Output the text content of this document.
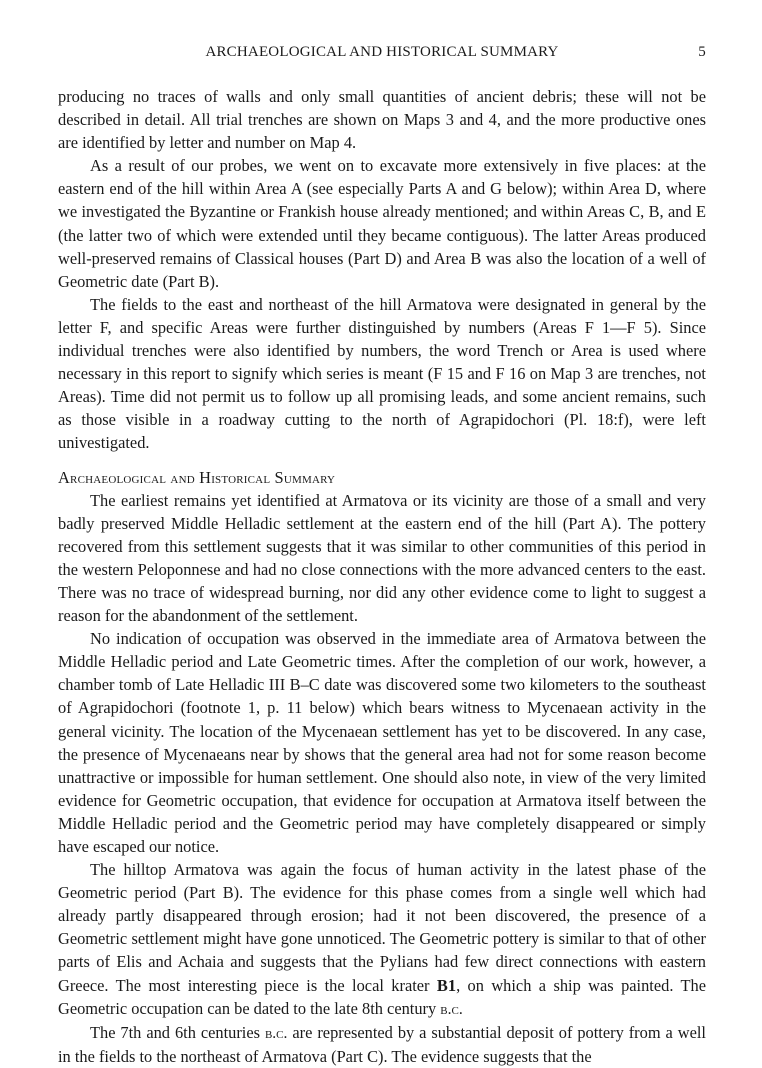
ARCHAEOLOGICAL AND HISTORICAL SUMMARY	5

producing no traces of walls and only small quantities of ancient debris; these will not be described in detail. All trial trenches are shown on Maps 3 and 4, and the more productive ones are identified by letter and number on Map 4.

As a result of our probes, we went on to excavate more extensively in five places: at the eastern end of the hill within Area A (see especially Parts A and G below); within Area D, where we investigated the Byzantine or Frankish house already mentioned; and within Areas C, B, and E (the latter two of which were extended until they became contiguous). The latter Areas produced well-preserved remains of Classical houses (Part D) and Area B was also the location of a well of Geometric date (Part B).

The fields to the east and northeast of the hill Armatova were designated in general by the letter F, and specific Areas were further distinguished by numbers (Areas F 1—F 5). Since individual trenches were also identified by numbers, the word Trench or Area is used where necessary in this report to signify which series is meant (F 15 and F 16 on Map 3 are trenches, not Areas). Time did not permit us to follow up all promising leads, and some ancient remains, such as those visible in a roadway cutting to the north of Agrapidochori (Pl. 18:f), were left univestigated.

Archaeological and Historical Summary

The earliest remains yet identified at Armatova or its vicinity are those of a small and very badly preserved Middle Helladic settlement at the eastern end of the hill (Part A). The pottery recovered from this settlement suggests that it was similar to other communities of this period in the western Peloponnese and had no close connections with the more advanced centers to the east. There was no trace of widespread burning, nor did any other evidence come to light to suggest a reason for the abandonment of the settlement.

No indication of occupation was observed in the immediate area of Armatova between the Middle Helladic period and Late Geometric times. After the completion of our work, however, a chamber tomb of Late Helladic III B–C date was discovered some two kilometers to the southeast of Agrapidochori (footnote 1, p. 11 below) which bears witness to Mycenaean activity in the general vicinity. The location of the Mycenaean settlement has yet to be discovered. In any case, the presence of Mycenaeans near by shows that the general area had not for some reason become unattractive or impossible for human settlement. One should also note, in view of the very limited evidence for Geometric occupation, that evidence for occupation at Armatova itself between the Middle Helladic period and the Geometric period may have completely disappeared or simply have escaped our notice.

The hilltop Armatova was again the focus of human activity in the latest phase of the Geometric period (Part B). The evidence for this phase comes from a single well which had already partly disappeared through erosion; had it not been discovered, the presence of a Geometric settlement might have gone unnoticed. The Geometric pottery is similar to that of other parts of Elis and Achaia and suggests that the Pylians had few direct connections with eastern Greece. The most interesting piece is the local krater B1, on which a ship was painted. The Geometric occupation can be dated to the late 8th century b.c.

The 7th and 6th centuries b.c. are represented by a substantial deposit of pottery from a well in the fields to the northeast of Armatova (Part C). The evidence suggests that the
